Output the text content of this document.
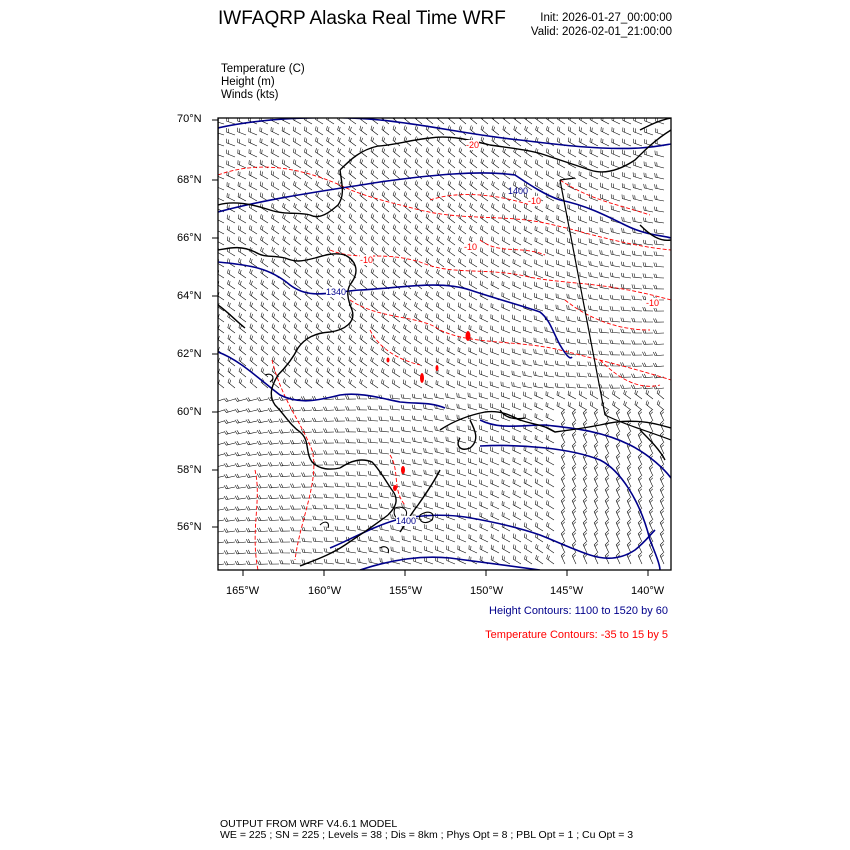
IWFAQRP Alaska Real Time WRF	Init: 2026-01-27_00:00:00
Valid: 2026-02-01_21:00:00
Temperature (C)
Height (m)
Winds (kts)
70°N
68°N
66°N
64°N
62°N
60°N
58°N
56°N
165°W	160°W	155°W	150°W	145°W	140°W
1340
1400
1400
-20
-10
-10
-10
-10
Height Contours: 1100 to 1520 by 60
Temperature Contours: -35 to 15 by 5
OUTPUT FROM WRF V4.6.1 MODEL
WE = 225 ; SN = 225 ; Levels = 38 ; Dis = 8km ; Phys Opt = 8 ; PBL Opt = 1 ; Cu Opt = 3
